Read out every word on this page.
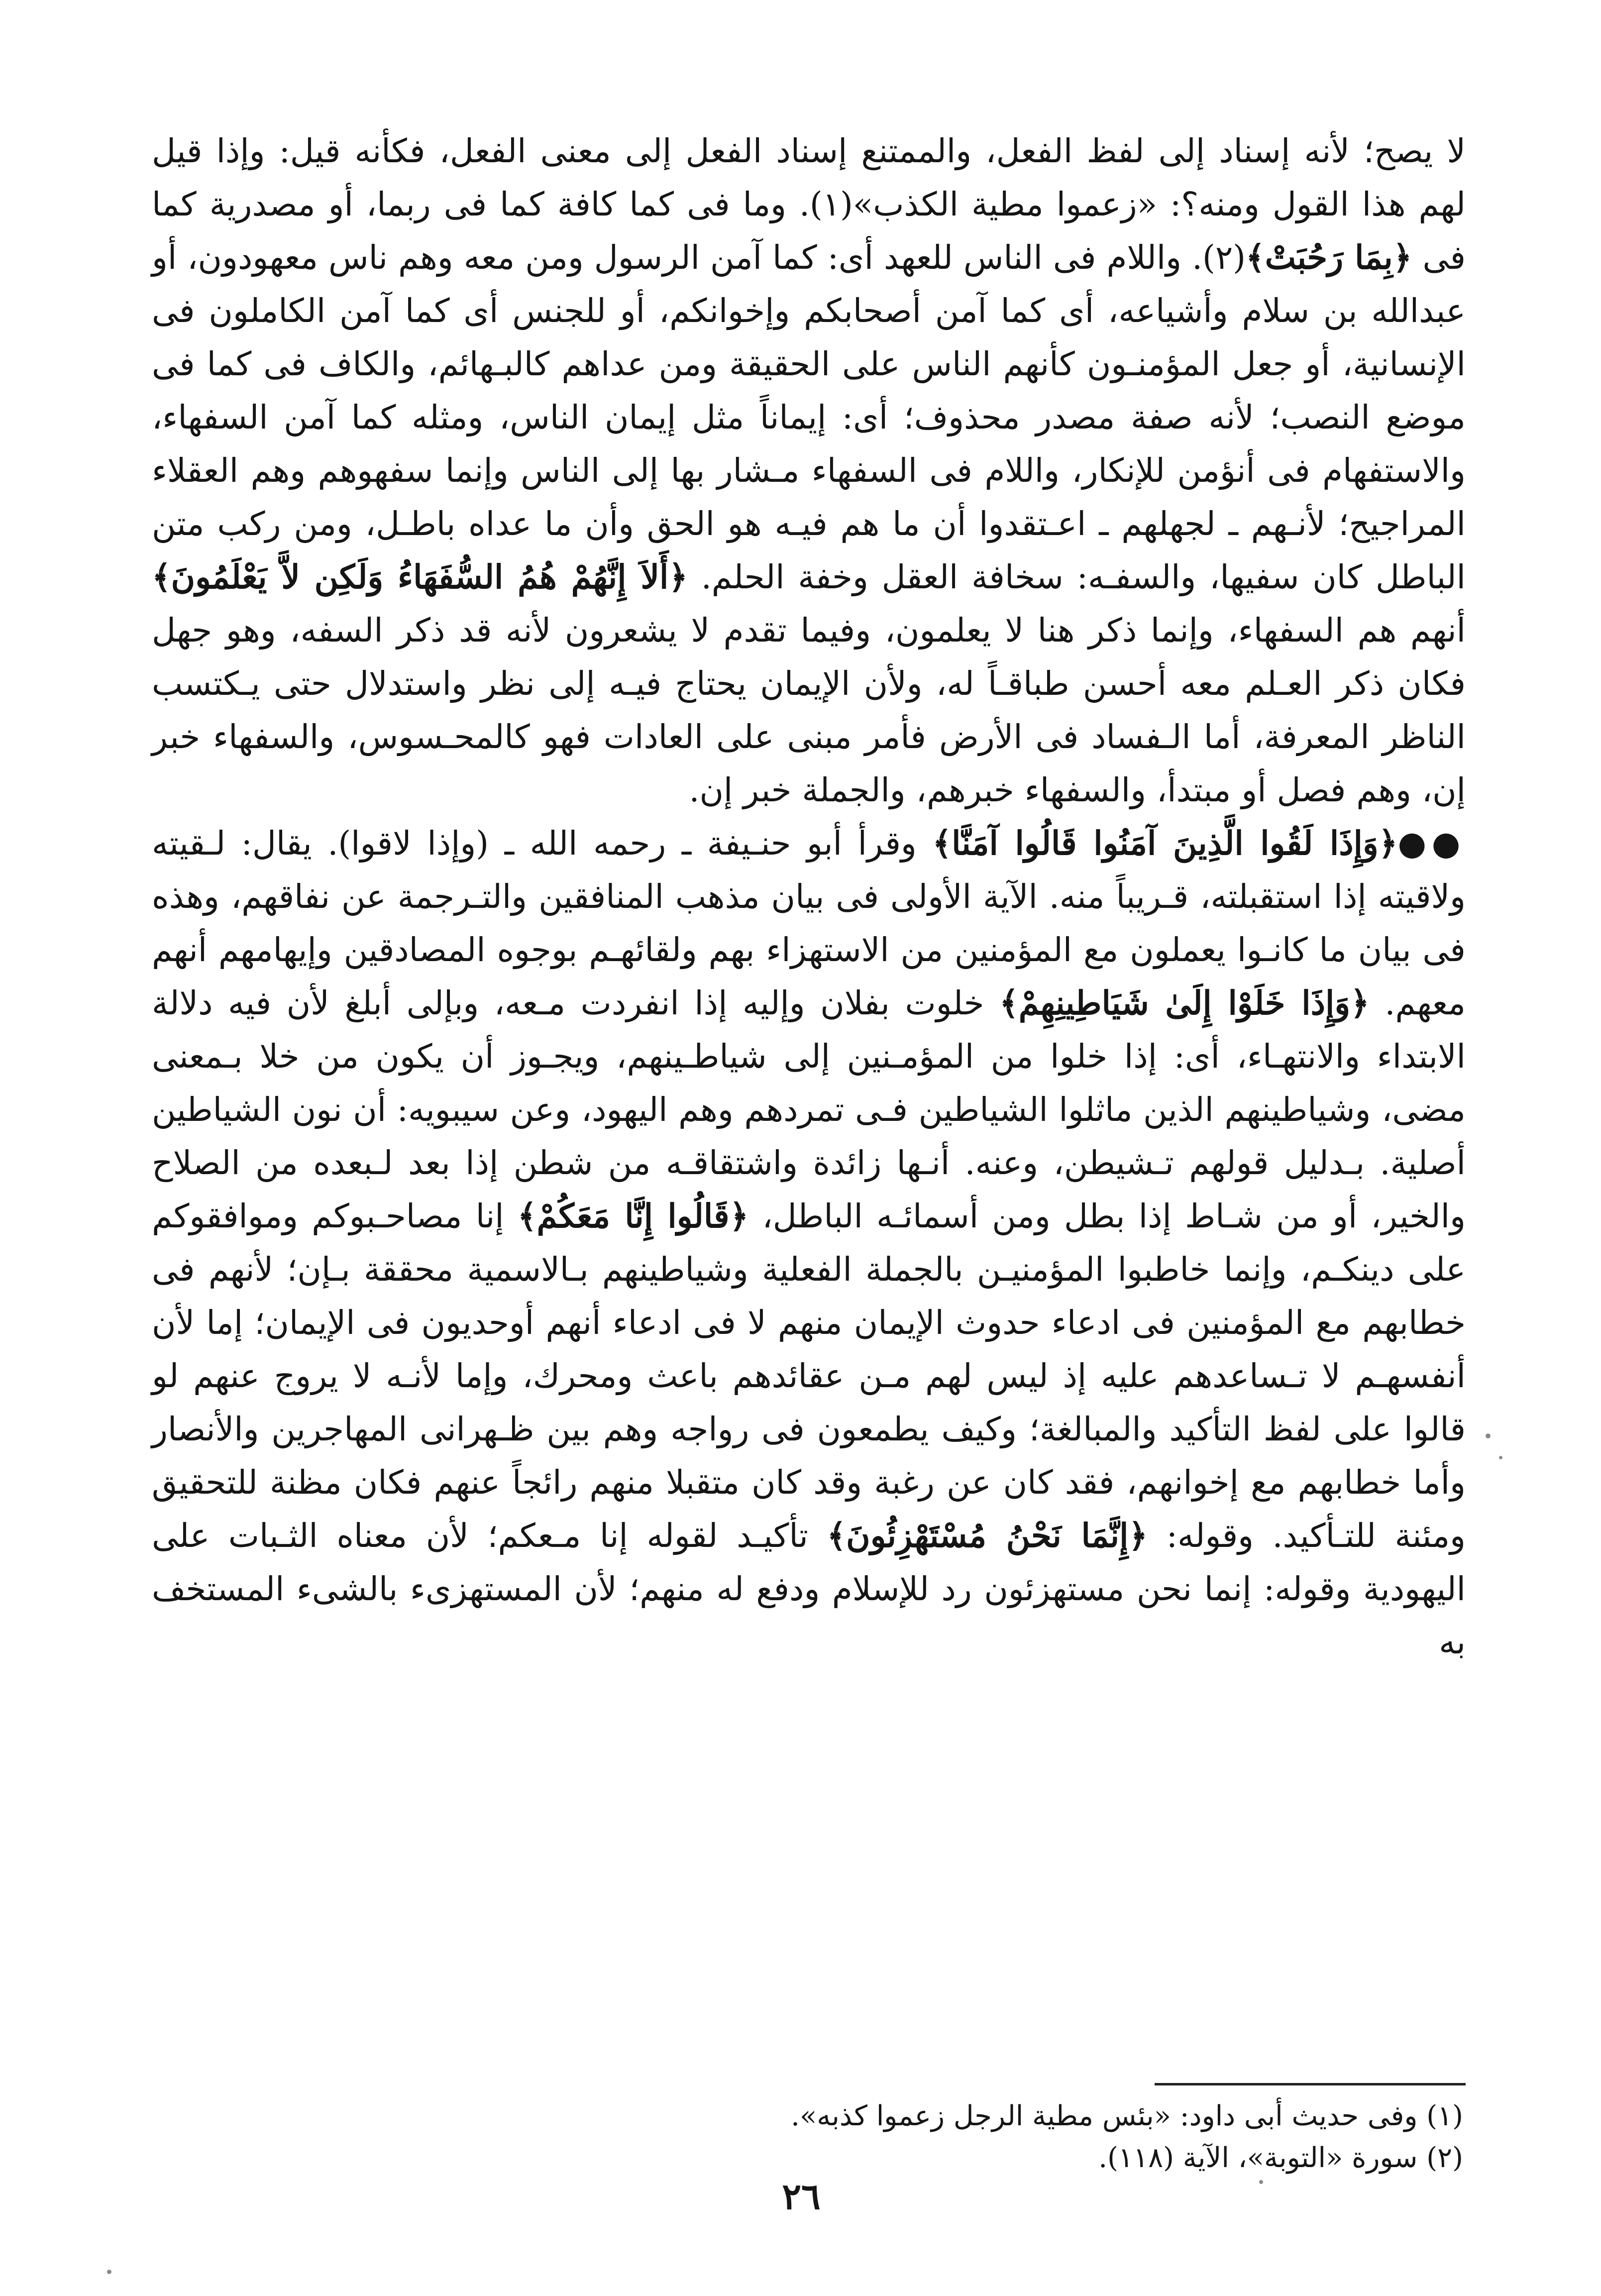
لا يصح؛ لأنه إسناد إلى لفظ الفعل، والممتنع إسناد الفعل إلى معنى الفعل، فكأنه قيل: وإذا قيل لهم هذا القول ومنه؟: «زعموا مطية الكذب»(١). وما فى كما كافة كما فى ربما، أو مصدرية كما فى ﴿بِمَا رَحُبَتْ﴾(٢). واللام فى الناس للعهد أى: كما آمن الرسول ومن معه وهم ناس معهودون، أو عبدالله بن سلام وأشياعه، أى كما آمن أصحابكم وإخوانكم، أو للجنس أى كما آمن الكاملون فى الإنسانية، أو جعل المؤمنـون كأنهم الناس على الحقيقة ومن عداهم كالبـهائم، والكاف فى كما فى موضع النصب؛ لأنه صفة مصدر محذوف؛ أى: إيماناً مثل إيمان الناس، ومثله كما آمن السفهاء، والاستفهام فى أنؤمن للإنكار، واللام فى السفهاء مـشار بها إلى الناس وإنما سفهوهم وهم العقلاء المراجيح؛ لأنـهم ـ لجهلهم ـ اعـتقدوا أن ما هم فيـه هو الحق وأن ما عداه باطـل، ومن ركب متن الباطل كان سفيها، والسفـه: سخافة العقل وخفة الحلم. ﴿أَلاَ إِنَّهُمْ هُمُ السُّفَهَاءُ وَلَكِن لاَّ يَعْلَمُونَ﴾ أنهم هم السفهاء، وإنما ذكر هنا لا يعلمون، وفيما تقدم لا يشعرون لأنه قد ذكر السفه، وهو جهل فكان ذكر العـلم معه أحسن طباقـاً له، ولأن الإيمان يحتاج فيـه إلى نظر واستدلال حتى يـكتسب الناظر المعرفة، أما الـفساد فى الأرض فأمر مبنى على العادات فهو كالمحـسوس، والسفهاء خبر إن، وهم فصل أو مبتدأ، والسفهاء خبرهم، والجملة خبر إن.

●●﴿وَإِذَا لَقُوا الَّذِينَ آمَنُوا قَالُوا آمَنَّا﴾ وقرأ أبو حنـيفة ـ رحمه الله ـ (وإذا لاقوا). يقال: لـقيته ولاقيته إذا استقبلته، قـريباً منه. الآية الأولى فى بيان مذهب المنافقين والتـرجمة عن نفاقهم، وهذه فى بيان ما كانـوا يعملون مع المؤمنين من الاستهزاء بهم ولقائهـم بوجوه المصادقين وإيهامهم أنهم معهم. ﴿وَإِذَا خَلَوْا إِلَىٰ شَيَاطِينِهِمْ﴾ خلوت بفلان وإليه إذا انفردت مـعه، وبإلى أبلغ لأن فيه دلالة الابتداء والانتهـاء، أى: إذا خلوا من المؤمـنين إلى شياطـينهم، ويجـوز أن يكون من خلا بـمعنى مضى، وشياطينهم الذين ماثلوا الشياطين فـى تمردهم وهم اليهود، وعن سيبويه: أن نون الشياطين أصلية. بـدليل قولهم تـشيطن، وعنه. أنـها زائدة واشتقاقـه من شطن إذا بعد لـبعده من الصلاح والخير، أو من شـاط إذا بطل ومن أسمائـه الباطل، ﴿قَالُوا إِنَّا مَعَكُمْ﴾ إنا مصاحـبوكم وموافقوكم على دينكـم، وإنما خاطبوا المؤمنيـن بالجملة الفعلية وشياطينهم بـالاسمية محققة بـإن؛ لأنهم فى خطابهم مع المؤمنين فى ادعاء حدوث الإيمان منهم لا فى ادعاء أنهم أوحديون فى الإيمان؛ إما لأن أنفسهـم لا تـساعدهم عليه إذ ليس لهم مـن عقائدهم باعث ومحرك، وإما لأنـه لا يروج عنهم لو قالوا على لفظ التأكيد والمبالغة؛ وكيف يطمعون فى رواجه وهم بين ظـهرانى المهاجرين والأنصار وأما خطابهم مع إخوانهم، فقد كان عن رغبة وقد كان متقبلا منهم رائجاً عنهم فكان مظنة للتحقيق ومئنة للتـأكيد. وقوله: ﴿إِنَّمَا نَحْنُ مُسْتَهْزِئُونَ﴾ تأكيـد لقوله إنا مـعكم؛ لأن معناه الثـبات على اليهودية وقوله: إنما نحن مستهزئون رد للإسلام ودفع له منهم؛ لأن المستهزىء بالشىء المستخف به

(١) وفى حديث أبى داود: «بئس مطية الرجل زعموا كذبه».
(٢) سورة «التوبة»، الآية (١١٨).
٢٦
